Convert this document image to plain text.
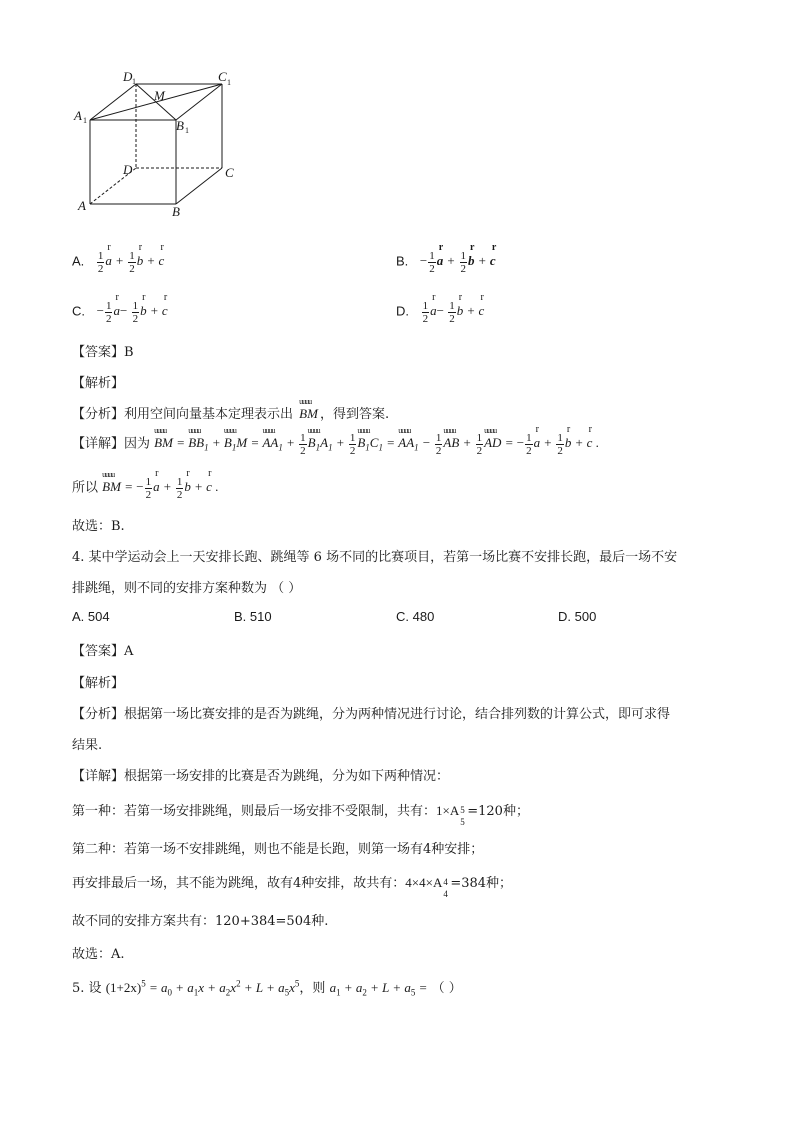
D 1	C 1
A 1	B 1
M
D	C
A	B
A. $\frac{1}{2}$ r $a + \frac{1}{2}$ r b + r c	B. − $\frac{1}{2}$ r $a + \frac{1}{2}$ r b + r c
C. − $\frac{1}{2}$ r $a- \frac{1}{2}$ r b + r c	D. $\frac{1}{2}$ r $a- \frac{1}{2}$ r b + r c
【答案】B
【解析】
【分析】利用空间向量基本定理表示出 uuuu BM ，得到答案.
【详解】因为 uuuu BM = uuuu $BB_1$ + uuuu $B_1M$ = uuuu $AA_1 + \frac{1}{2}$ uuuu $B_1A_1 + \frac{1}{2}$ uuuu $B_1C_1$ = uuuu $AA_1 - \frac{1}{2}$ uuuu AB + $\frac{1}{2}$ uuuu AD = − $\frac{1}{2}$ r $a + \frac{1}{2}$ r b + r c .
所以 uuuu BM = − $\frac{1}{2}$ r $a + \frac{1}{2}$ r b + r c .
故选：B.
4. 某中学运动会上一天安排长跑、跳绳等 6 场不同的比赛项目，若第一场比赛不安排长跑，最后一场不安
排跳绳，则不同的安排方案种数为 （ ）
A. 504	B. 510	C. 480	D. 500
【答案】A
【解析】
【分析】根据第一场比赛安排的是否为跳绳，分为两种情况进行讨论，结合排列数的计算公式，即可求得
结果.
【详解】根据第一场安排的比赛是否为跳绳，分为如下两种情况：
第一种：若第一场安排跳绳，则最后一场安排不受限制，共有：1×A 5
5
=120种；
第二种：若第一场不安排跳绳，则也不能是长跑，则第一场有4种安排；
再安排最后一场，其不能为跳绳，故有4种安排，故共有：4×4×A 4
4
=384种；
故不同的安排方案共有：120+384=504种.
故选：A.
5. 设 $(1+2x)^5 = a_0 + a_1x + a_2x^2 + L + a_5x^5$，则 $a_1 + a_2 + L + a_5$ = （ ）
